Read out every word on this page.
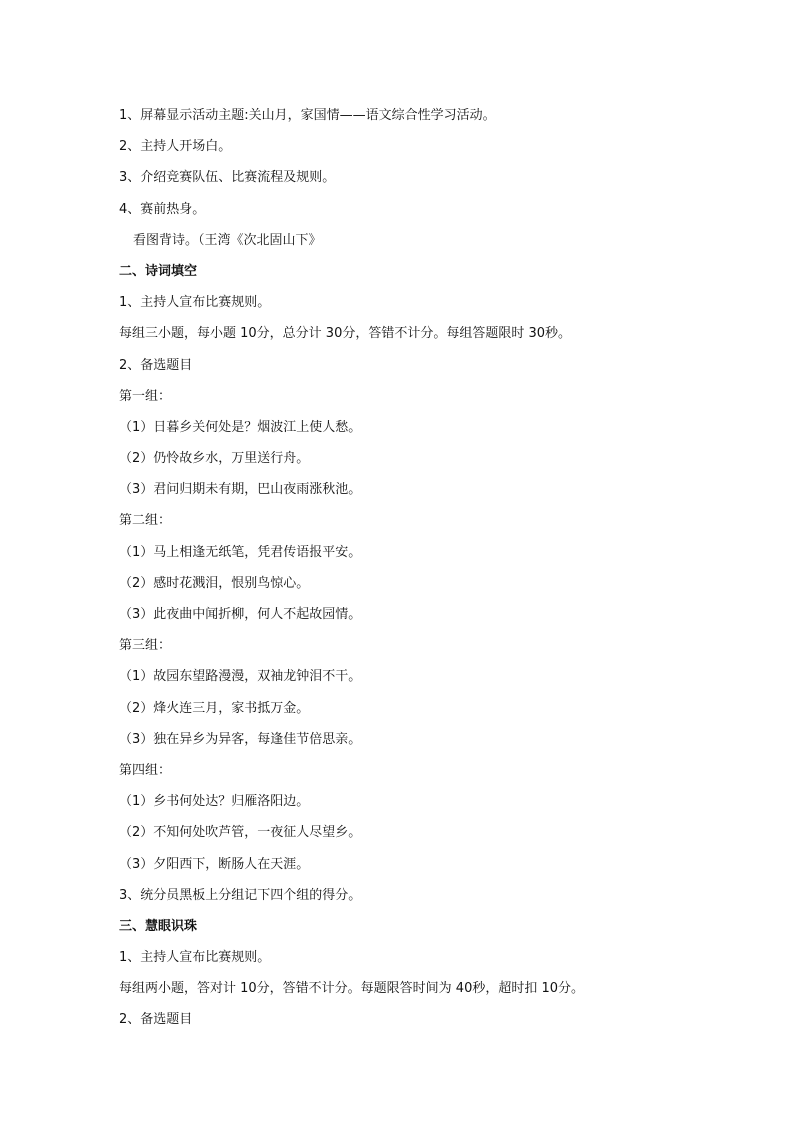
1、屏幕显示活动主题:关山月，家国情——语文综合性学习活动。
2、主持人开场白。
3、介绍竞赛队伍、比赛流程及规则。
4、赛前热身。
看图背诗。（王湾《次北固山下》
二、诗词填空
1、主持人宣布比赛规则。
每组三小题，每小题 10分，总分计 30分，答错不计分。每组答题限时 30秒。
2、备选题目
第一组：
（1）日暮乡关何处是？烟波江上使人愁。
（2）仍怜故乡水，万里送行舟。
（3）君问归期未有期，巴山夜雨涨秋池。
第二组：
（1）马上相逢无纸笔，凭君传语报平安。
（2）感时花溅泪，恨别鸟惊心。
（3）此夜曲中闻折柳，何人不起故园情。
第三组：
（1）故园东望路漫漫，双袖龙钟泪不干。
（2）烽火连三月，家书抵万金。
（3）独在异乡为异客，每逢佳节倍思亲。
第四组：
（1）乡书何处达？归雁洛阳边。
（2）不知何处吹芦管，一夜征人尽望乡。
（3）夕阳西下，断肠人在天涯。
3、统分员黑板上分组记下四个组的得分。
三、慧眼识珠
1、主持人宣布比赛规则。
每组两小题，答对计 10分，答错不计分。每题限答时间为 40秒，超时扣 10分。
2、备选题目
